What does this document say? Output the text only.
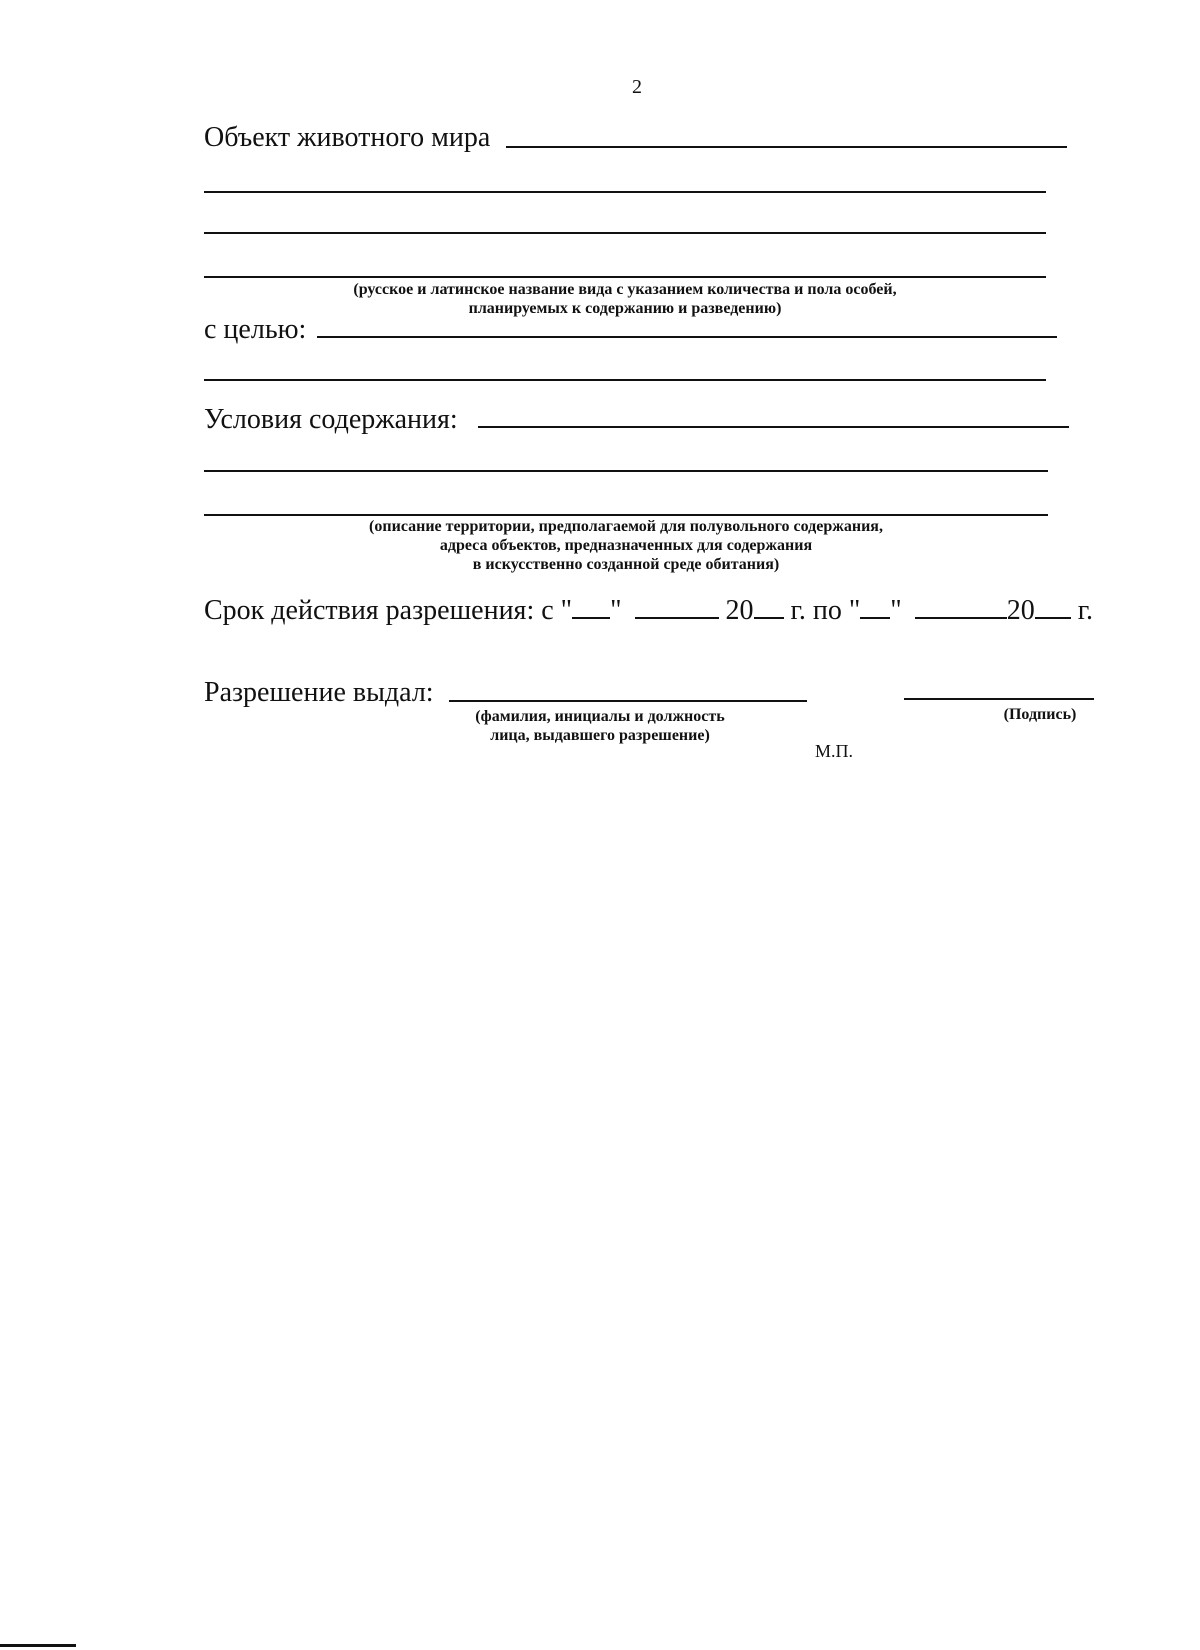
2
Объект животного мира
(русское и латинское название вида с указанием количества и пола особей,
планируемых к содержанию и разведению)
с целью:
Условия содержания:
(описание территории, предполагаемой для полувольного содержания,
адреса объектов, предназначенных для содержания
в искусственно созданной среде обитания)
Срок действия разрешения: с " "	20 г. по " "	20 г.
Разрешение выдал:
(фамилия, инициалы и должность
лица, выдавшего разрешение)
(Подпись)
М.П.
